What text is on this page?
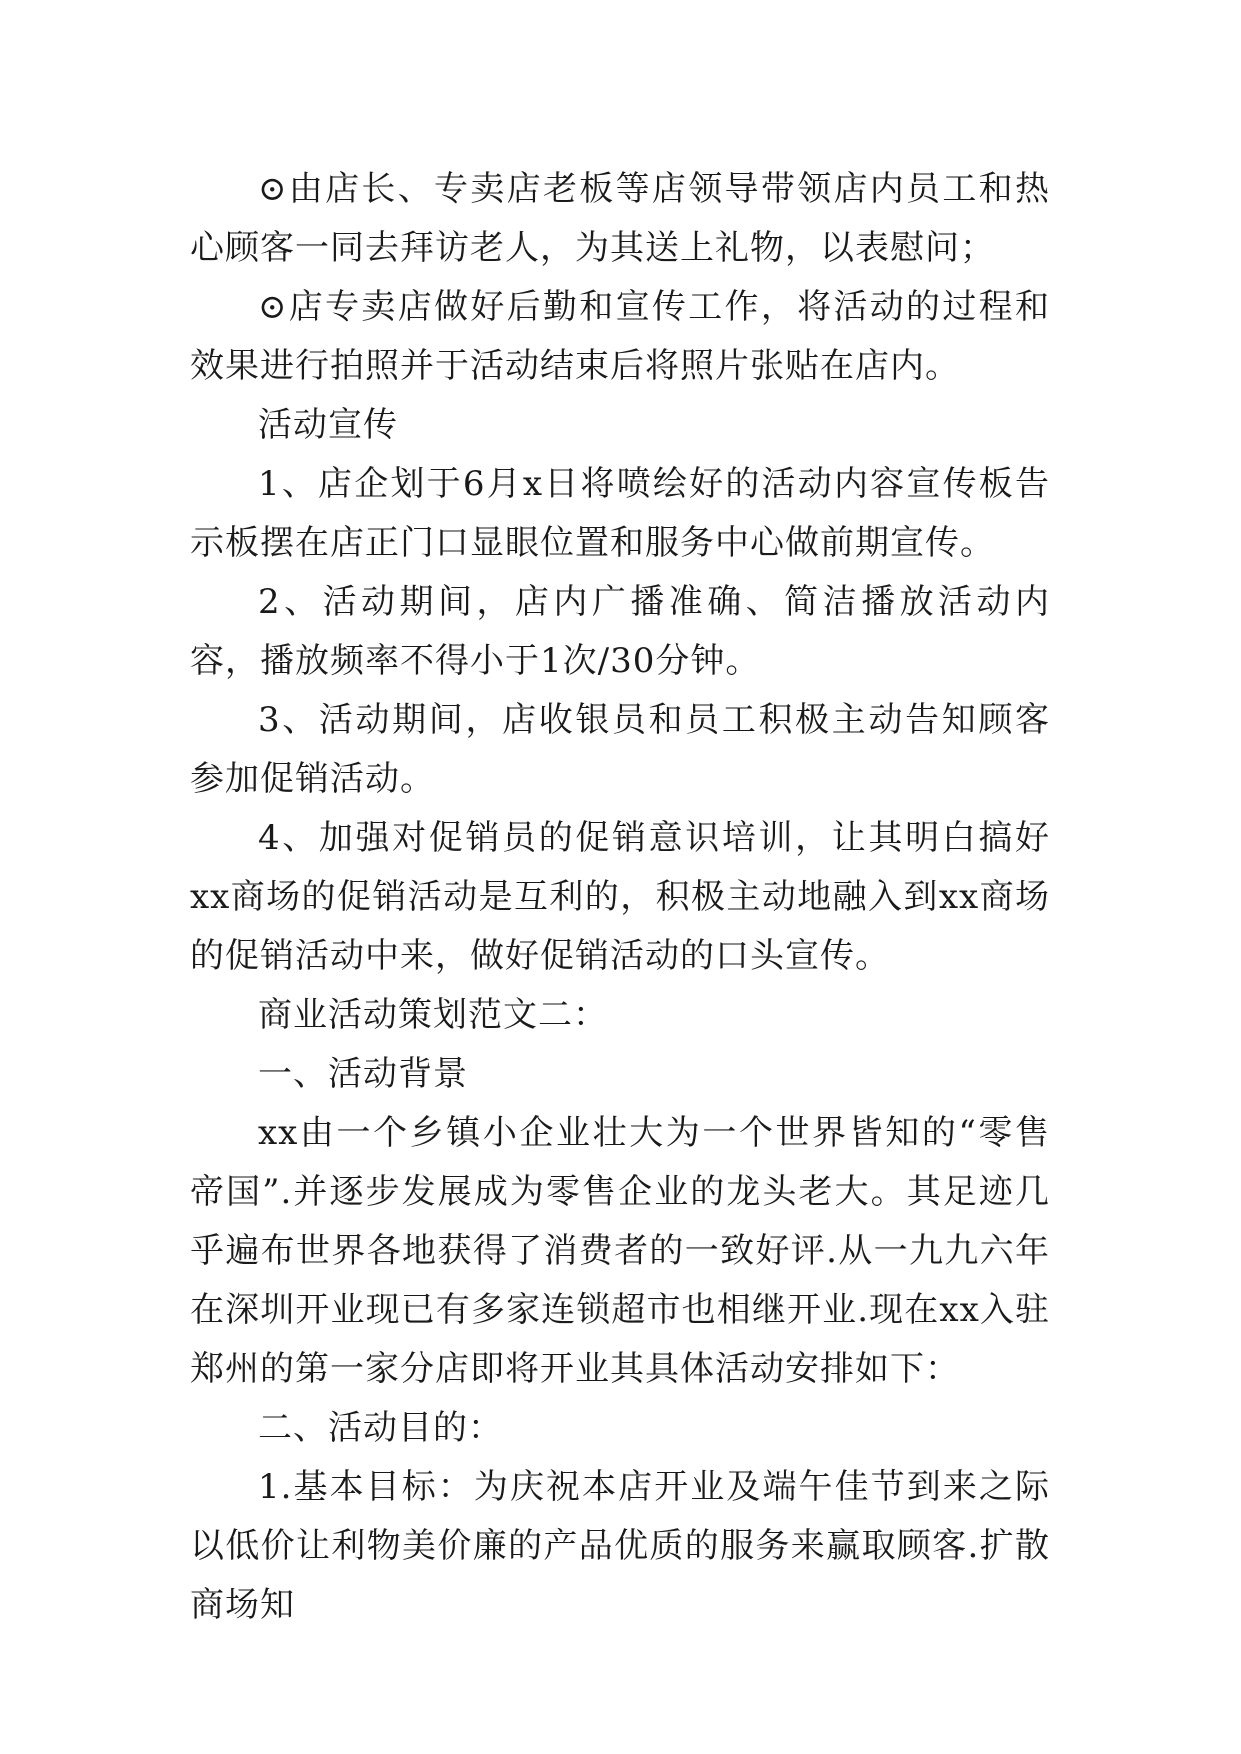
⊙由店长、专卖店老板等店领导带领店内员工和热心顾客一同去拜访老人，为其送上礼物，以表慰问；

⊙店专卖店做好后勤和宣传工作，将活动的过程和效果进行拍照并于活动结束后将照片张贴在店内。

活动宣传

1、店企划于6月x日将喷绘好的活动内容宣传板告示板摆在店正门口显眼位置和服务中心做前期宣传。

2、活动期间，店内广播准确、简洁播放活动内容，播放频率不得小于1次/30分钟。

3、活动期间，店收银员和员工积极主动告知顾客参加促销活动。

4、加强对促销员的促销意识培训，让其明白搞好xx商场的促销活动是互利的，积极主动地融入到xx商场的促销活动中来，做好促销活动的口头宣传。

商业活动策划范文二：

一、活动背景

xx由一个乡镇小企业壮大为一个世界皆知的“零售帝国”.并逐步发展成为零售企业的龙头老大。其足迹几乎遍布世界各地获得了消费者的一致好评.从一九九六年在深圳开业现已有多家连锁超市也相继开业.现在xx入驻郑州的第一家分店即将开业其具体活动安排如下：

二、活动目的：

1.基本目标：为庆祝本店开业及端午佳节到来之际以低价让利物美价廉的产品优质的服务来赢取顾客.扩散商场知
